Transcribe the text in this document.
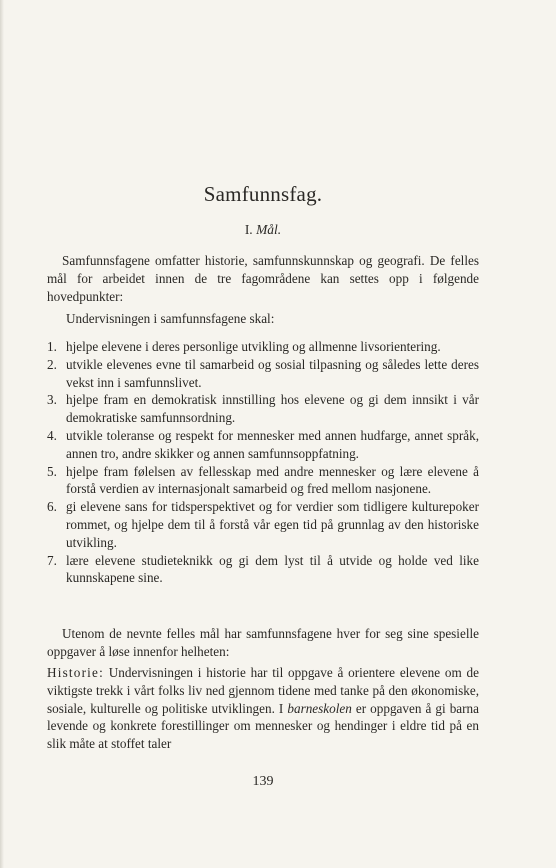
Samfunnsfag.
I. Mål.
Samfunnsfagene omfatter historie, samfunnskunnskap og geografi. De felles mål for arbeidet innen de tre fagområdene kan settes opp i følgende hovedpunkter:
Undervisningen i samfunnsfagene skal:
1. hjelpe elevene i deres personlige utvikling og allmenne livsorientering.
2. utvikle elevenes evne til samarbeid og sosial tilpasning og således lette deres vekst inn i samfunnslivet.
3. hjelpe fram en demokratisk innstilling hos elevene og gi dem innsikt i vår demokratiske samfunnsordning.
4. utvikle toleranse og respekt for mennesker med annen hudfarge, annet språk, annen tro, andre skikker og annen samfunnsoppfatning.
5. hjelpe fram følelsen av fellesskap med andre mennesker og lære elevene å forstå verdien av internasjonalt samarbeid og fred mellom nasjonene.
6. gi elevene sans for tidsperspektivet og for verdier som tidligere kulturepoker rommet, og hjelpe dem til å forstå vår egen tid på grunnlag av den historiske utvikling.
7. lære elevene studieteknikk og gi dem lyst til å utvide og holde ved like kunnskapene sine.
Utenom de nevnte felles mål har samfunnsfagene hver for seg sine spesielle oppgaver å løse innenfor helheten:
Historie: Undervisningen i historie har til oppgave å orientere elevene om de viktigste trekk i vårt folks liv ned gjennom tidene med tanke på den økonomiske, sosiale, kulturelle og politiske utviklingen. I barneskolen er oppgaven å gi barna levende og konkrete forestillinger om mennesker og hendinger i eldre tid på en slik måte at stoffet taler
139
